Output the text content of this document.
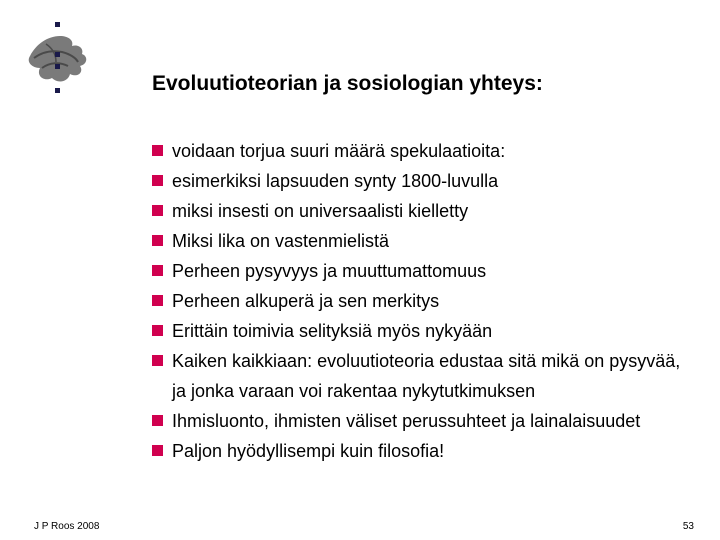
Evoluutioteorian ja sosiologian yhteys:
voidaan torjua suuri määrä spekulaatioita:
esimerkiksi lapsuuden synty 1800-luvulla
miksi insesti on universaalisti kielletty
Miksi lika on vastenmielistä
Perheen pysyvyys ja muuttumattomuus
Perheen alkuperä ja sen merkitys
Erittäin toimivia selityksiä myös nykyään
Kaiken kaikkiaan: evoluutioteoria edustaa sitä mikä on pysyvää, ja jonka varaan voi rakentaa nykytutkimuksen
Ihmisluonto, ihmisten väliset perussuhteet ja lainalaisuudet
Paljon hyödyllisempi kuin filosofia!
J P Roos 2008	53
